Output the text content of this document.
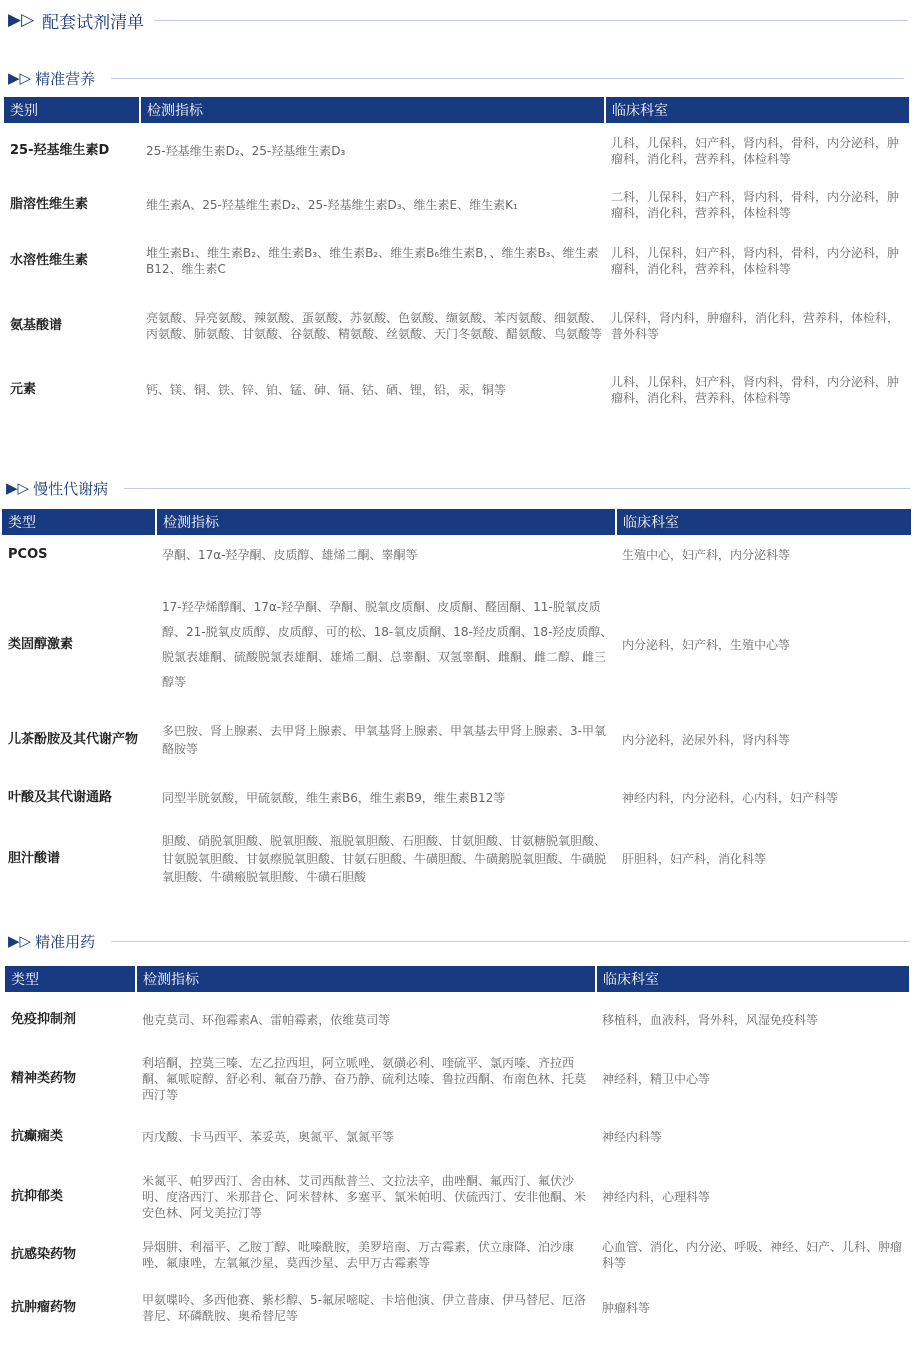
▶▷ 配套试剂清单
▶▷ 精准营养
类别	检测指标	临床科室
25-羟基维生素D	25-羟基维生素D₂、25-羟基维生素D₃	儿科，儿保科，妇产科，肾内科，骨科，内分泌科，肿瘤科，消化科，营养科，体检科等
脂溶性维生素	维生素A、25-羟基维生素D₂、25-羟基维生素D₃、维生素E、维生素K₁	二科，儿保科，妇产科，肾内科，骨科，内分泌科，肿瘤科，消化科，营养科，体检科等
水溶性维生素	堆生素B₁、维生素B₂、维生素B₃、维生素B₂、维生素B₆维生素B，、维生素B₃、维生素B12、维生素C	儿科，儿保科，妇产科，肾内科，骨科，内分泌科，肿瘤科，消化科，营养科，体检科等
氨基酸谱	亮氨酸、异亮氨酸、辣氨酸、蛋氨酸、苏氨酸、色氨酸、缬氨酸、苯丙氨酸、细氨酸、丙氨酸、肺氨酸、甘氨酸、谷氨酸、精氨酸、丝氨酸、天门冬氨酸、醋氨酸、鸟氨酸等	儿保科，肾内科，肿瘤科，消化科，营养科，体检科，普外科等
元素	钙、镁、铜、铁、锌、铂、锰、砷、镉、钴、硒、锂，铅，汞，铜等	儿科，儿保科，妇产科，肾内科，骨科，内分泌科，肿瘤科，消化科，营养科，体检科等
▶▷ 慢性代谢病
类型	检测指标	临床科室
PCOS	孕酮、17α-羟孕酮、皮质醇、雄烯二酮、睾酮等	生殖中心，妇产科，内分泌科等
类固醇激素	17-羟孕烯醇酮、17α-羟孕酮、孕酮、脱氧皮质酮、皮质酮、醛固酮、11-脱氧皮质醇、21-脱氧皮质醇、皮质醇、可的松、18-氧皮质酮、18-羟皮质酮、18-羟皮质醇、脱氯表雄酮、硫酸脱氯表雄酮、雄烯二酮、总睾酮、双氢睾酮、雌酮、雌二醇、雌三醇等	内分泌科，妇产科，生殖中心等
儿茶酚胺及其代谢产物	多巴胺、肾上腺素、去甲肾上腺素、甲氧基肾上腺素、甲氧基去甲肾上腺素、3-甲氧酪胺等	内分泌科，泌尿外科，肾内科等
叶酸及其代谢通路	同型半胱氨酸，甲硫氨酸，维生素B6，维生素B9，维生素B12等	神经内科，内分泌科，心内科，妇产科等
胆汁酸谱	胆酸、硝脱氧胆酸、脱氧胆酸、瓶脱氧胆酸、石胆酸、甘氨胆酸、甘氨糖脱氧胆酸、甘氨脱氧胆酸、甘氨瘵脱氧胆酸、甘氨石胆酸、牛磺胆酸、牛磺鹅脱氧胆酸、牛磺脱氧胆酸、牛磺瘢脱氧胆酸、牛磺石胆酸	肝胆科，妇产科，消化科等
▶▷ 精准用药
类型	检测指标	临床科室
免疫抑制剂	他克莫司、环孢霉素A、雷帕霉素，依维莫司等	移植科，血液科，肾外科，风湿免疫科等
精神类药物	利培酮，控莫三嗪、左乙拉西坦，阿立哌唑、氨磺必利、喹硫平、氯丙嗪、齐拉西酮、氟哌啶醇、舒必利、氟奋乃静、奋乃静、硫利达嗪、鲁拉西酮、布南色林、托莫西汀等	神经科，精卫中心等
抗癫痫类	丙戊酸、卡马西平、苯妥英，奥氮平、氯氮平等	神经内科等
抗抑郁类	米氮平、帕罗西汀、舍由林、艾司西酞普兰、文拉法辛，曲唑酮、氟西汀、氟伏沙明、度洛西汀、米那昔仑、阿米替林、多塞平、氯米帕明、伏硫西汀、安非他酮、米安色林、阿戈美拉汀等	神经内科，心理科等
抗感染药物	异烟肼、利福平、乙胺丁醇、吡嗪酰胺，美罗培南、万古霉素，伏立康降、泊沙康唑、氟康唑，左氧氟沙星、莫西沙星、去甲万古霉素等	心血管、消化、内分泌、呼吸、神经、妇产、儿科、肿瘤科等
抗肿瘤药物	甲氨喋呤、多西他赛、紫杉醇、5-氟尿嘧啶、卡培他演、伊立普康、伊马替尼、厄洛普尼、环磷酰胺、奥希替尼等	肿瘤科等
